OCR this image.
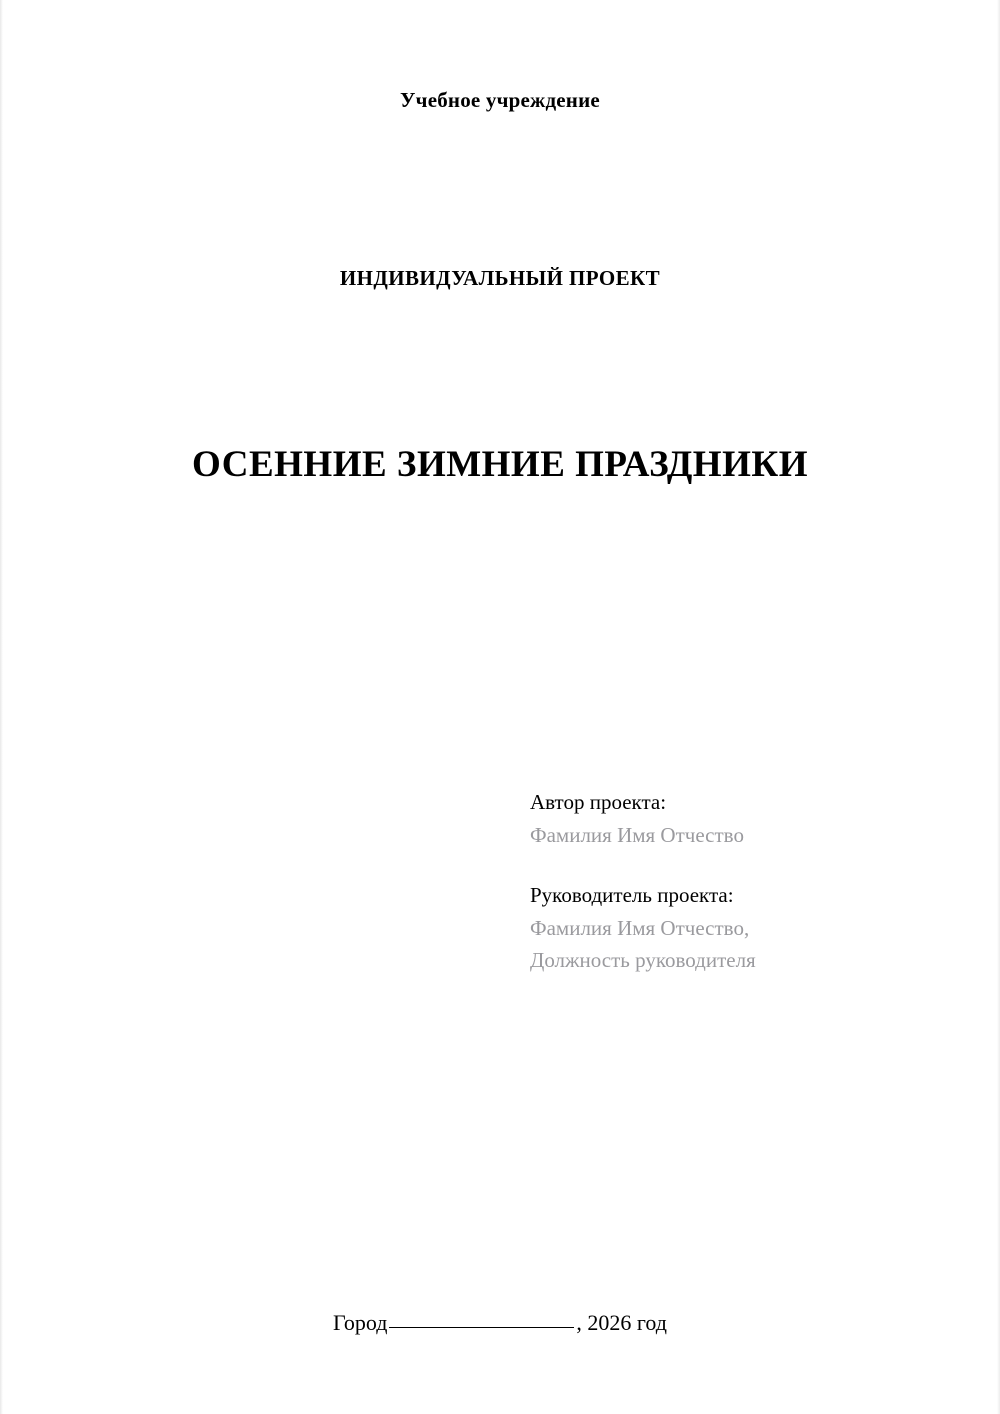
Учебное учреждение
ИНДИВИДУАЛЬНЫЙ ПРОЕКТ
ОСЕННИЕ ЗИМНИЕ ПРАЗДНИКИ
Автор проекта:
Фамилия Имя Отчество
Руководитель проекта:
Фамилия Имя Отчество,
Должность руководителя
Город	, 2026 год
